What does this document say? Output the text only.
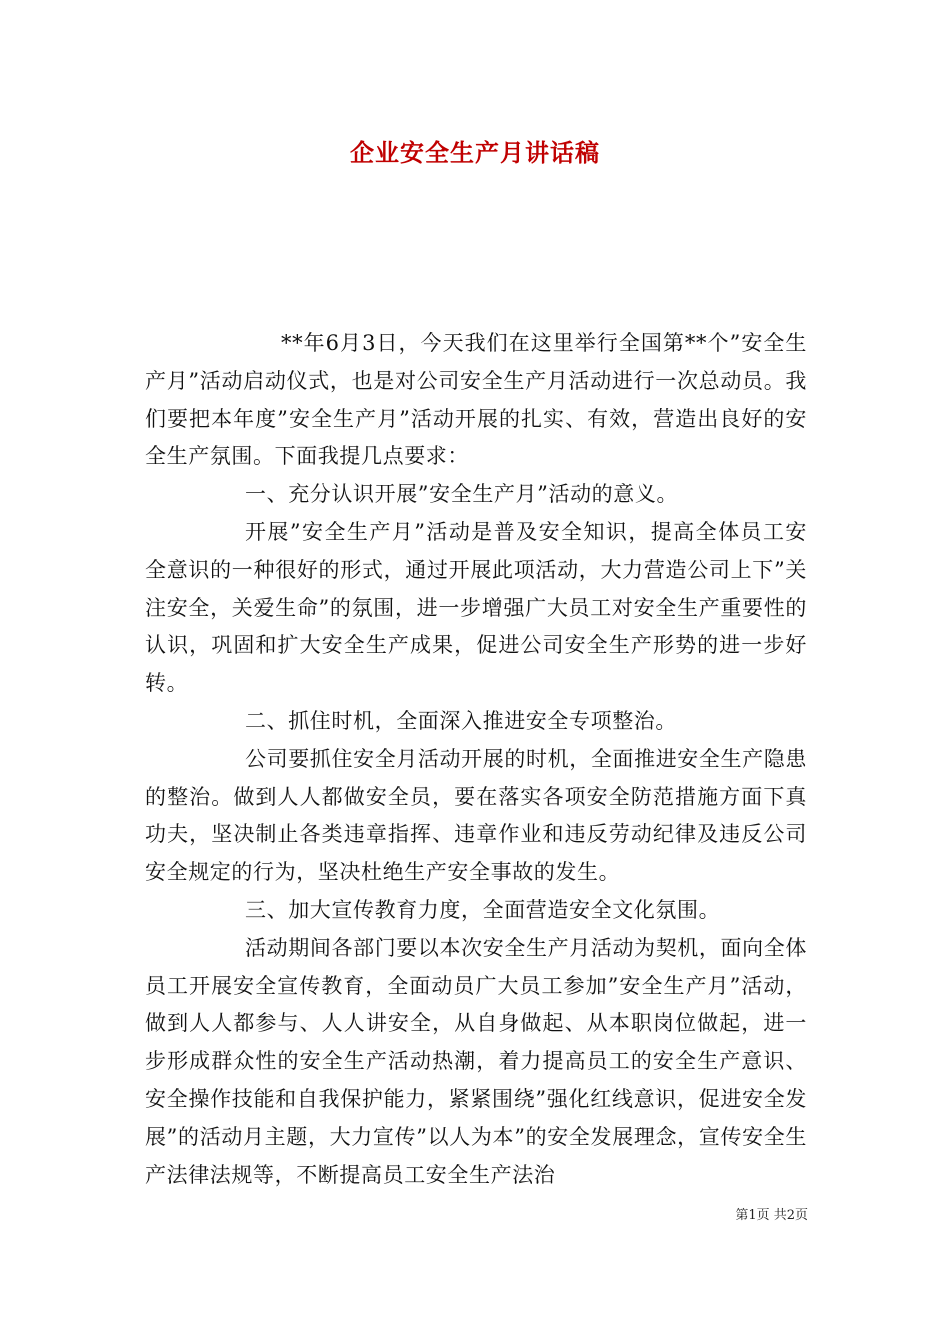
企业安全生产月讲话稿

**年6月3日，今天我们在这里举行全国第**个”安全生产月”活动启动仪式，也是对公司安全生产月活动进行一次总动员。我们要把本年度”安全生产月”活动开展的扎实、有效，营造出良好的安全生产氛围。下面我提几点要求：

一、充分认识开展”安全生产月”活动的意义。

开展”安全生产月”活动是普及安全知识，提高全体员工安全意识的一种很好的形式，通过开展此项活动，大力营造公司上下”关注安全，关爱生命”的氛围，进一步增强广大员工对安全生产重要性的认识，巩固和扩大安全生产成果，促进公司安全生产形势的进一步好转。

二、抓住时机，全面深入推进安全专项整治。

公司要抓住安全月活动开展的时机，全面推进安全生产隐患的整治。做到人人都做安全员，要在落实各项安全防范措施方面下真功夫，坚决制止各类违章指挥、违章作业和违反劳动纪律及违反公司安全规定的行为，坚决杜绝生产安全事故的发生。

三、加大宣传教育力度，全面营造安全文化氛围。

活动期间各部门要以本次安全生产月活动为契机，面向全体员工开展安全宣传教育，全面动员广大员工参加”安全生产月”活动，做到人人都参与、人人讲安全，从自身做起、从本职岗位做起，进一步形成群众性的安全生产活动热潮，着力提高员工的安全生产意识、安全操作技能和自我保护能力，紧紧围绕”强化红线意识，促进安全发展”的活动月主题，大力宣传”以人为本”的安全发展理念，宣传安全生产法律法规等，不断提高员工安全生产法治

第1页 共2页
